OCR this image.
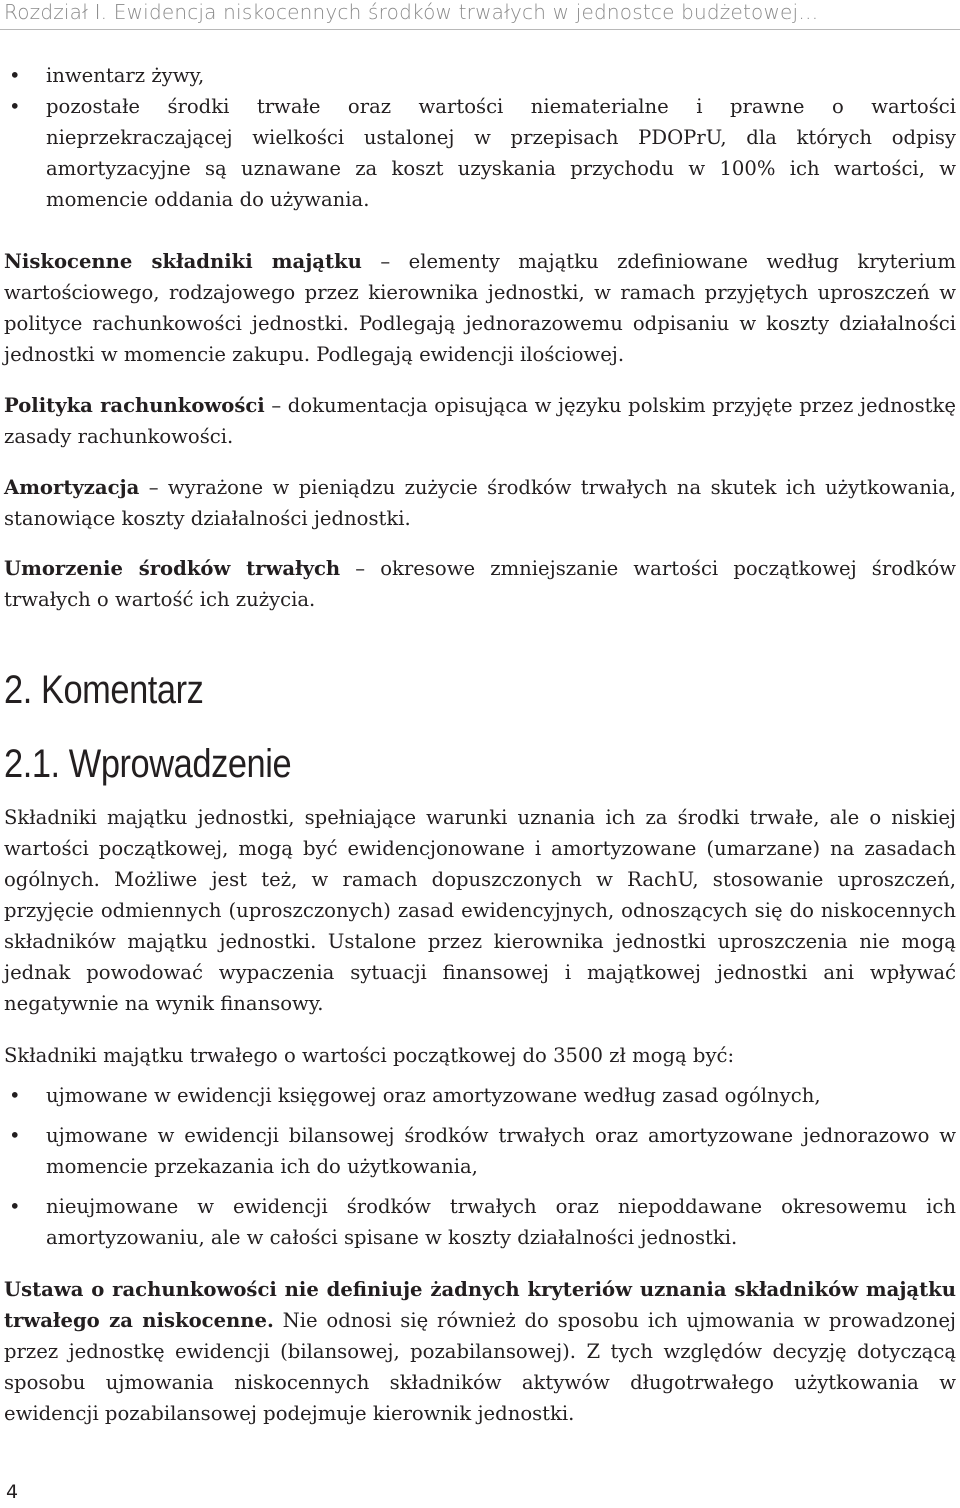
Rozdział I. Ewidencja niskocennych środków trwałych w jednostce budżetowej…
• inwentarz żywy,
• pozostałe środki trwałe oraz wartości niematerialne i prawne o wartości nieprzekraczającej wielkości ustalonej w przepisach PDOPrU, dla których odpisy amortyzacyjne są uznawane za koszt uzyskania przychodu w 100% ich wartości, w momencie oddania do używania.

Niskocenne składniki majątku – elementy majątku zdefiniowane według kryterium wartościowego, rodzajowego przez kierownika jednostki, w ramach przyjętych uproszczeń w polityce rachunkowości jednostki. Podlegają jednorazowemu odpisaniu w koszty działalności jednostki w momencie zakupu. Podlegają ewidencji ilościowej.

Polityka rachunkowości – dokumentacja opisująca w języku polskim przyjęte przez jednostkę zasady rachunkowości.

Amortyzacja – wyrażone w pieniądzu zużycie środków trwałych na skutek ich użytkowania, stanowiące koszty działalności jednostki.

Umorzenie środków trwałych – okresowe zmniejszanie wartości początkowej środków trwałych o wartość ich zużycia.

2. Komentarz
2.1. Wprowadzenie

Składniki majątku jednostki, spełniające warunki uznania ich za środki trwałe, ale o niskiej wartości początkowej, mogą być ewidencjonowane i amortyzowane (umarzane) na zasadach ogólnych. Możliwe jest też, w ramach dopuszczonych w RachU, stosowanie uproszczeń, przyjęcie odmiennych (uproszczonych) zasad ewidencyjnych, odnoszących się do niskocennych składników majątku jednostki. Ustalone przez kierownika jednostki uproszczenia nie mogą jednak powodować wypaczenia sytuacji finansowej i majątkowej jednostki ani wpływać negatywnie na wynik finansowy.

Składniki majątku trwałego o wartości początkowej do 3500 zł mogą być:

• ujmowane w ewidencji księgowej oraz amortyzowane według zasad ogólnych,
• ujmowane w ewidencji bilansowej środków trwałych oraz amortyzowane jednorazowo w momencie przekazania ich do użytkowania,
• nieujmowane w ewidencji środków trwałych oraz niepoddawane okresowemu ich amortyzowaniu, ale w całości spisane w koszty działalności jednostki.

Ustawa o rachunkowości nie definiuje żadnych kryteriów uznania składników majątku trwałego za niskocenne. Nie odnosi się również do sposobu ich ujmowania w prowadzonej przez jednostkę ewidencji (bilansowej, pozabilansowej). Z tych względów decyzję dotyczącą sposobu ujmowania niskocennych składników aktywów długotrwałego użytkowania w ewidencji pozabilansowej podejmuje kierownik jednostki.

4
